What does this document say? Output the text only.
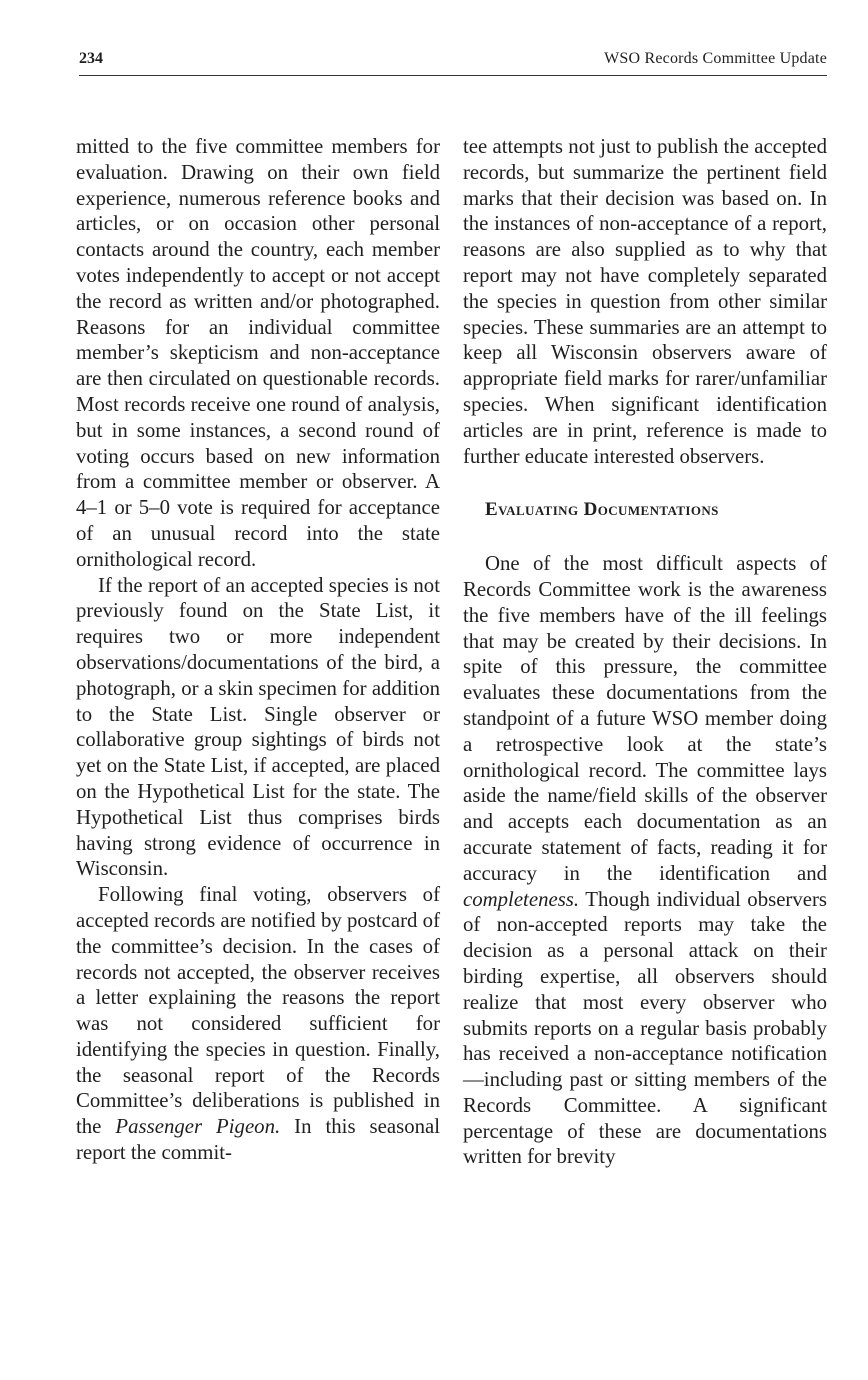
234	WSO Records Committee Update

mitted to the five committee members for evaluation. Drawing on their own field experience, numerous reference books and articles, or on occasion other personal contacts around the country, each member votes independently to accept or not accept the record as written and/or photographed. Reasons for an individual committee member’s skepticism and non-acceptance are then circulated on questionable records. Most records receive one round of analysis, but in some instances, a second round of voting occurs based on new information from a committee member or observer. A 4–1 or 5–0 vote is required for acceptance of an unusual record into the state ornithological record.

If the report of an accepted species is not previously found on the State List, it requires two or more independent observations/documentations of the bird, a photograph, or a skin specimen for addition to the State List. Single observer or collaborative group sightings of birds not yet on the State List, if accepted, are placed on the Hypothetical List for the state. The Hypothetical List thus comprises birds having strong evidence of occurrence in Wisconsin.

Following final voting, observers of accepted records are notified by postcard of the committee’s decision. In the cases of records not accepted, the observer receives a letter explaining the reasons the report was not considered sufficient for identifying the species in question. Finally, the seasonal report of the Records Committee’s deliberations is published in the Passenger Pigeon. In this seasonal report the commit-

tee attempts not just to publish the accepted records, but summarize the pertinent field marks that their decision was based on. In the instances of non-acceptance of a report, reasons are also supplied as to why that report may not have completely separated the species in question from other similar species. These summaries are an attempt to keep all Wisconsin observers aware of appropriate field marks for rarer/unfamiliar species. When significant identification articles are in print, reference is made to further educate interested observers.

Evaluating Documentations

One of the most difficult aspects of Records Committee work is the awareness the five members have of the ill feelings that may be created by their decisions. In spite of this pressure, the committee evaluates these documentations from the standpoint of a future WSO member doing a retrospective look at the state’s ornithological record. The committee lays aside the name/field skills of the observer and accepts each documentation as an accurate statement of facts, reading it for accuracy in the identification and completeness. Though individual observers of non-accepted reports may take the decision as a personal attack on their birding expertise, all observers should realize that most every observer who submits reports on a regular basis probably has received a non-acceptance notification—including past or sitting members of the Records Committee. A significant percentage of these are documentations written for brevity
